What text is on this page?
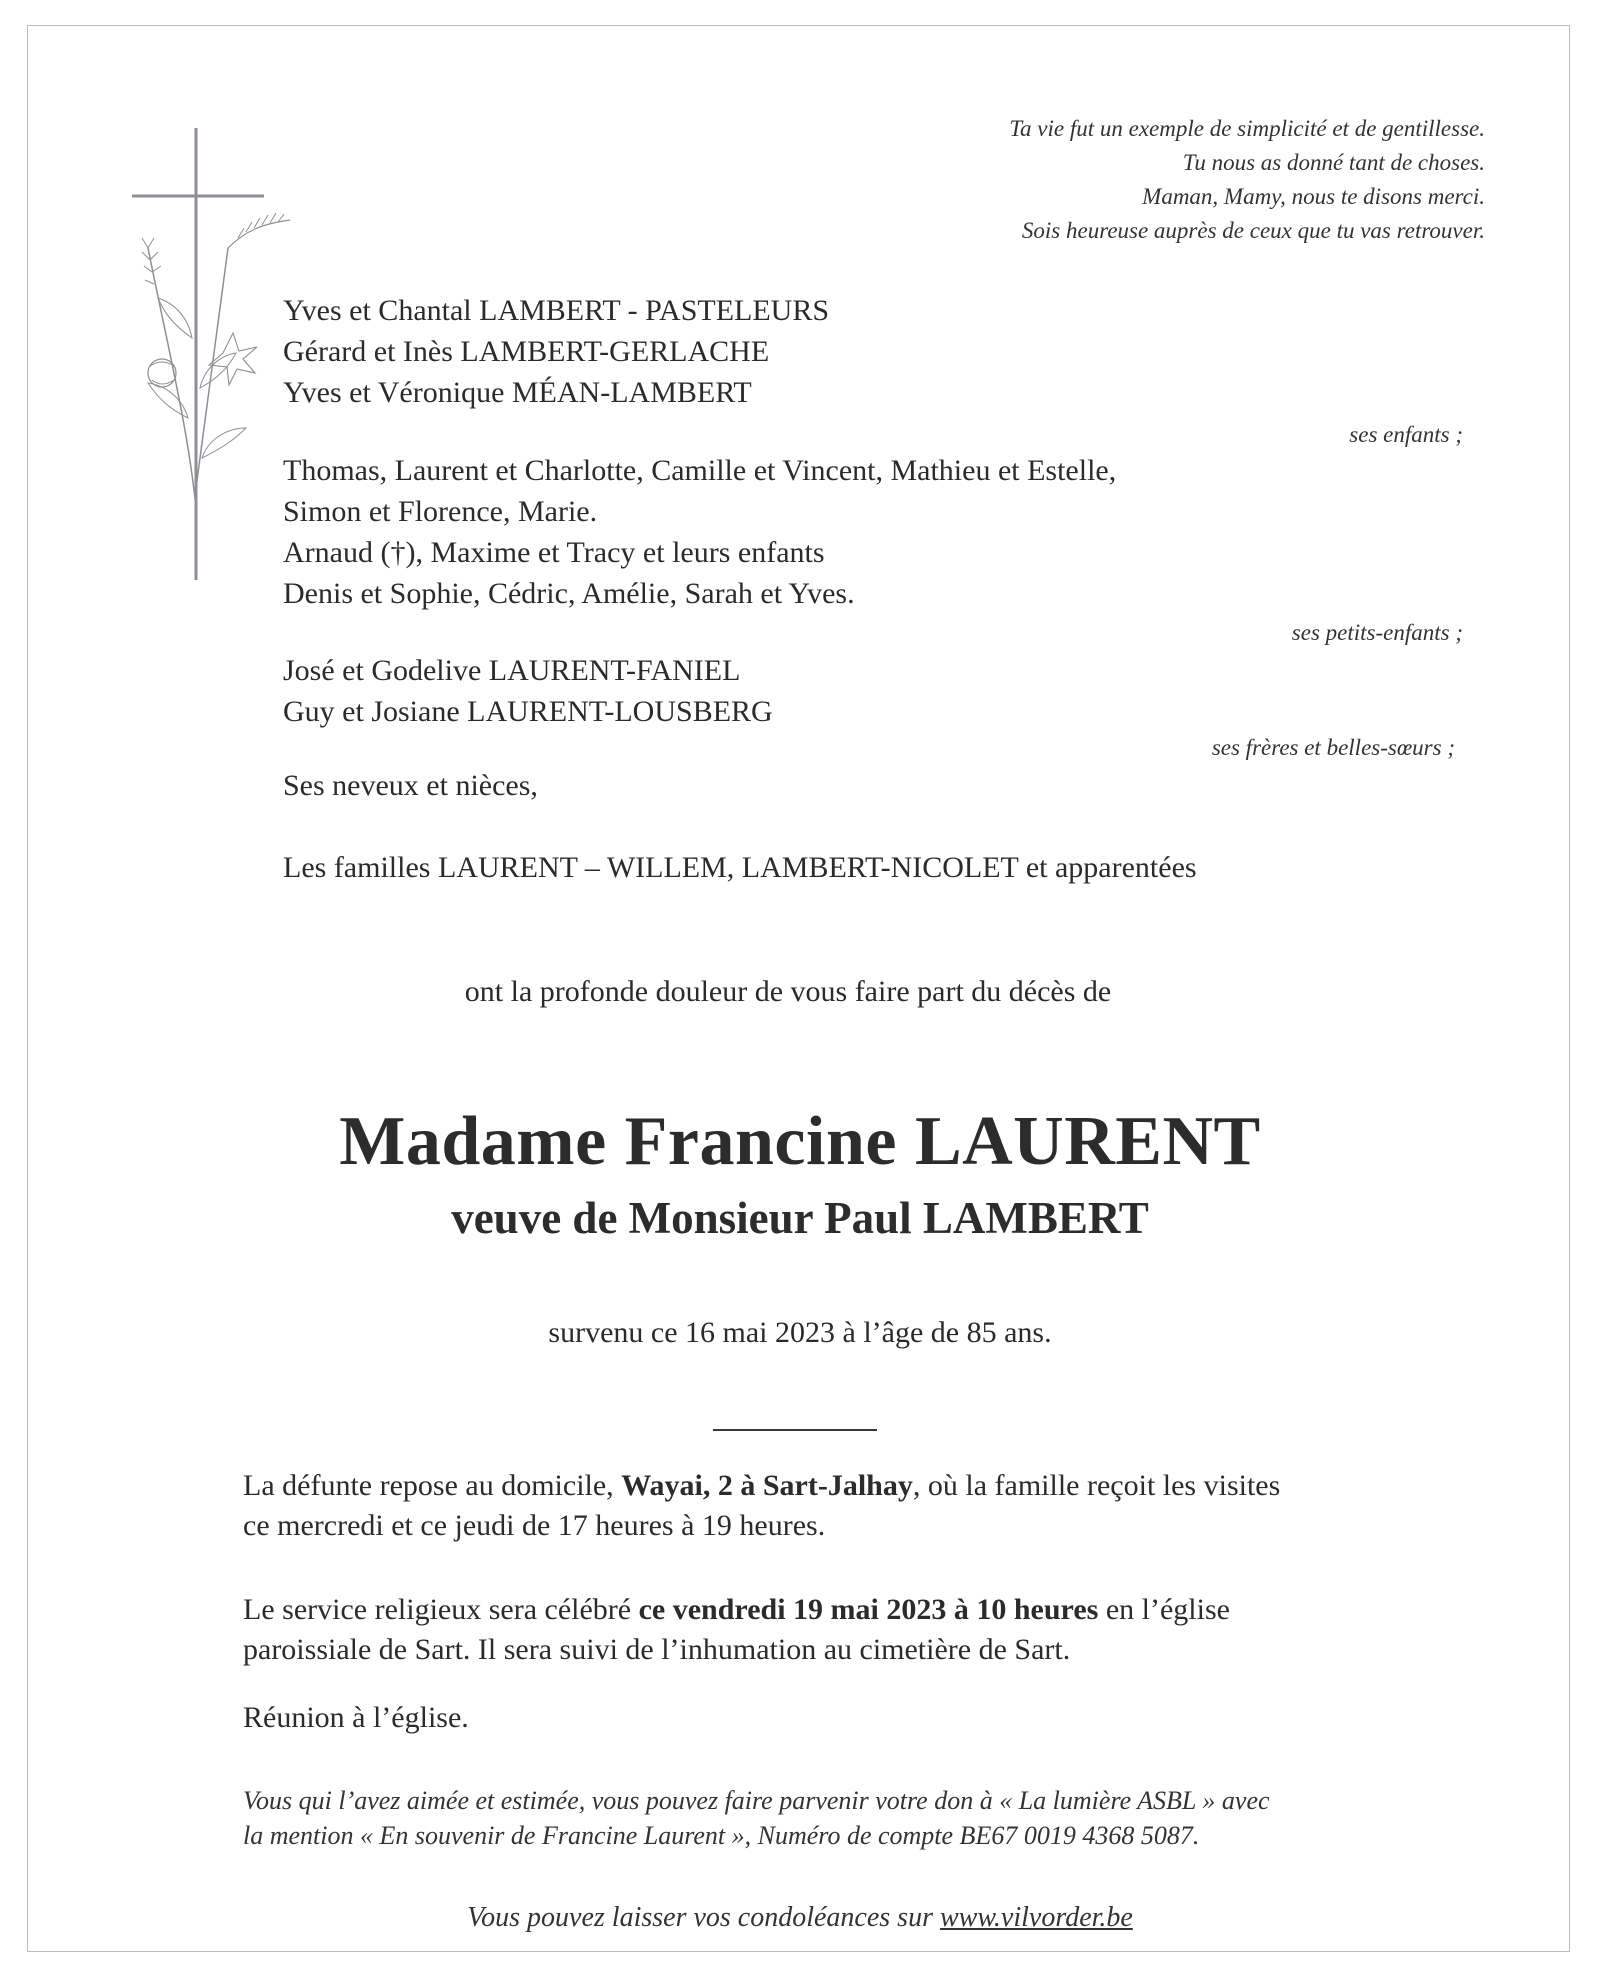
Ta vie fut un exemple de simplicité et de gentillesse.
Tu nous as donné tant de choses.
Maman, Mamy, nous te disons merci.
Sois heureuse auprès de ceux que tu vas retrouver.
Yves et Chantal LAMBERT - PASTELEURS
Gérard et Inès LAMBERT-GERLACHE
Yves et Véronique MÉAN-LAMBERT
ses enfants ;
Thomas, Laurent et Charlotte, Camille et Vincent, Mathieu et Estelle,
Simon et Florence, Marie.
Arnaud (†), Maxime et Tracy et leurs enfants
Denis et Sophie, Cédric, Amélie, Sarah et Yves.
ses petits-enfants ;
José et Godelive LAURENT-FANIEL
Guy et Josiane LAURENT-LOUSBERG
ses frères et belles-sœurs ;
Ses neveux et nièces,
Les familles LAURENT – WILLEM, LAMBERT-NICOLET et apparentées
ont la profonde douleur de vous faire part du décès de
Madame Francine LAURENT
veuve de Monsieur Paul LAMBERT
survenu ce 16 mai 2023 à l’âge de 85 ans.
La défunte repose au domicile, Wayai, 2 à Sart-Jalhay, où la famille reçoit les visites
ce mercredi et ce jeudi de 17 heures à 19 heures.
Le service religieux sera célébré ce vendredi 19 mai 2023 à 10 heures en l’église
paroissiale de Sart. Il sera suivi de l’inhumation au cimetière de Sart.
Réunion à l’église.
Vous qui l’avez aimée et estimée, vous pouvez faire parvenir votre don à « La lumière ASBL » avec
la mention « En souvenir de Francine Laurent », Numéro de compte BE67 0019 4368 5087.
Vous pouvez laisser vos condoléances sur www.vilvorder.be
